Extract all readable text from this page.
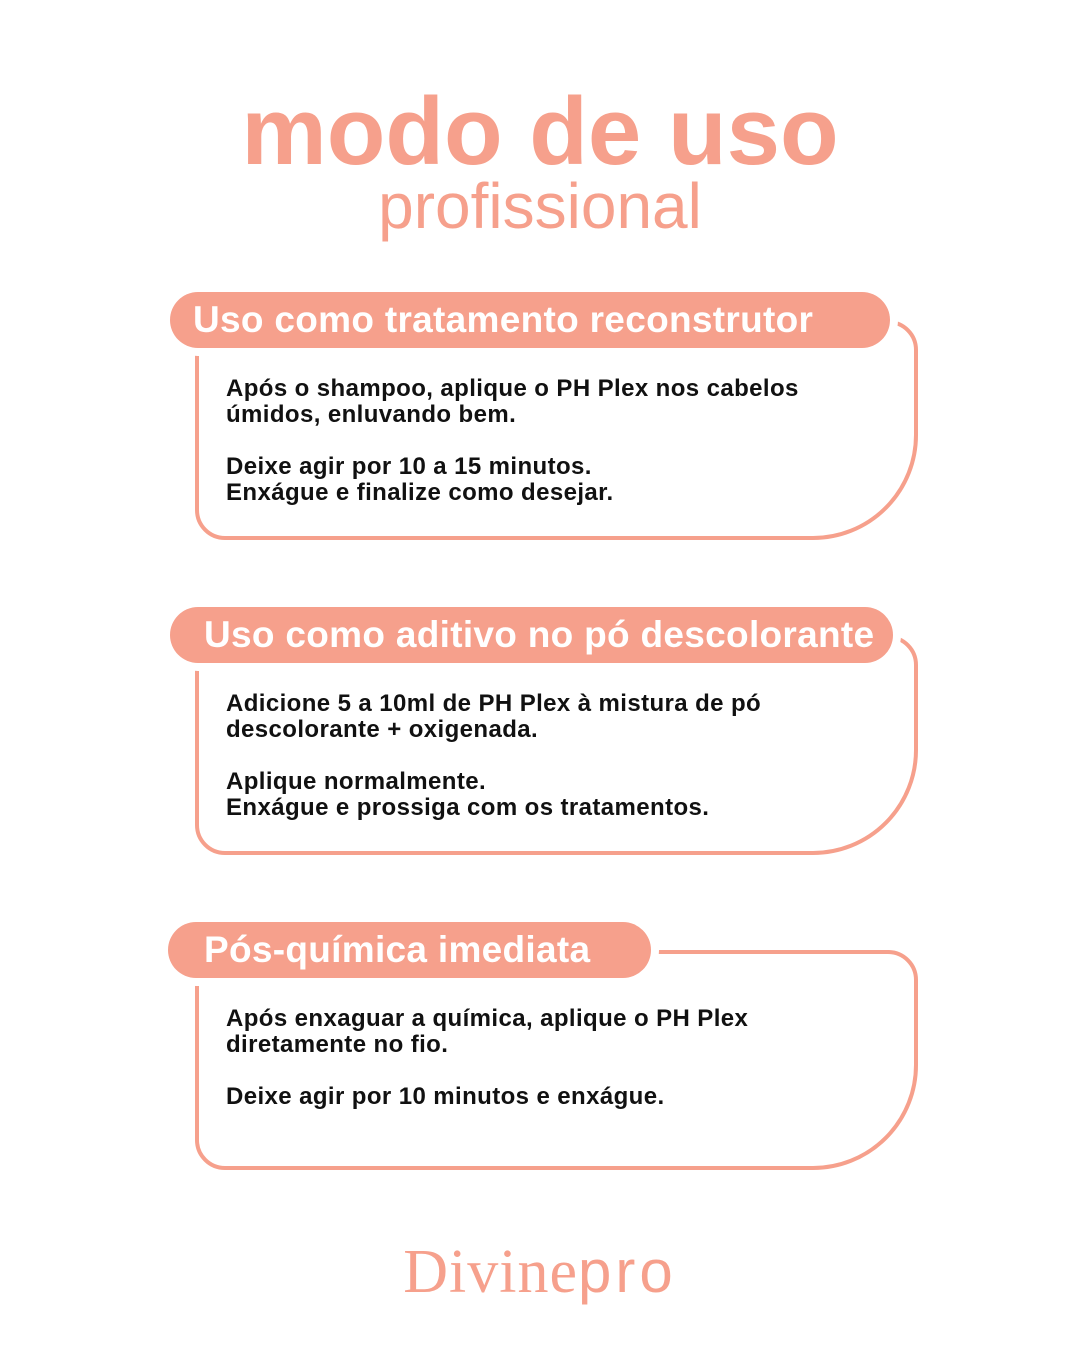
modo de uso
profissional
Uso como tratamento reconstrutor
Após o shampoo, aplique o PH Plex nos cabelos
úmidos, enluvando bem.
Deixe agir por 10 a 15 minutos.
Enxágue e finalize como desejar.
Uso como aditivo no pó descolorante
Adicione 5 a 10ml de PH Plex à mistura de pó
descolorante + oxigenada.
Aplique normalmente.
Enxágue e prossiga com os tratamentos.
Pós-química imediata
Após enxaguar a química, aplique o PH Plex
diretamente no fio.
Deixe agir por 10 minutos e enxágue.
Divinepro
